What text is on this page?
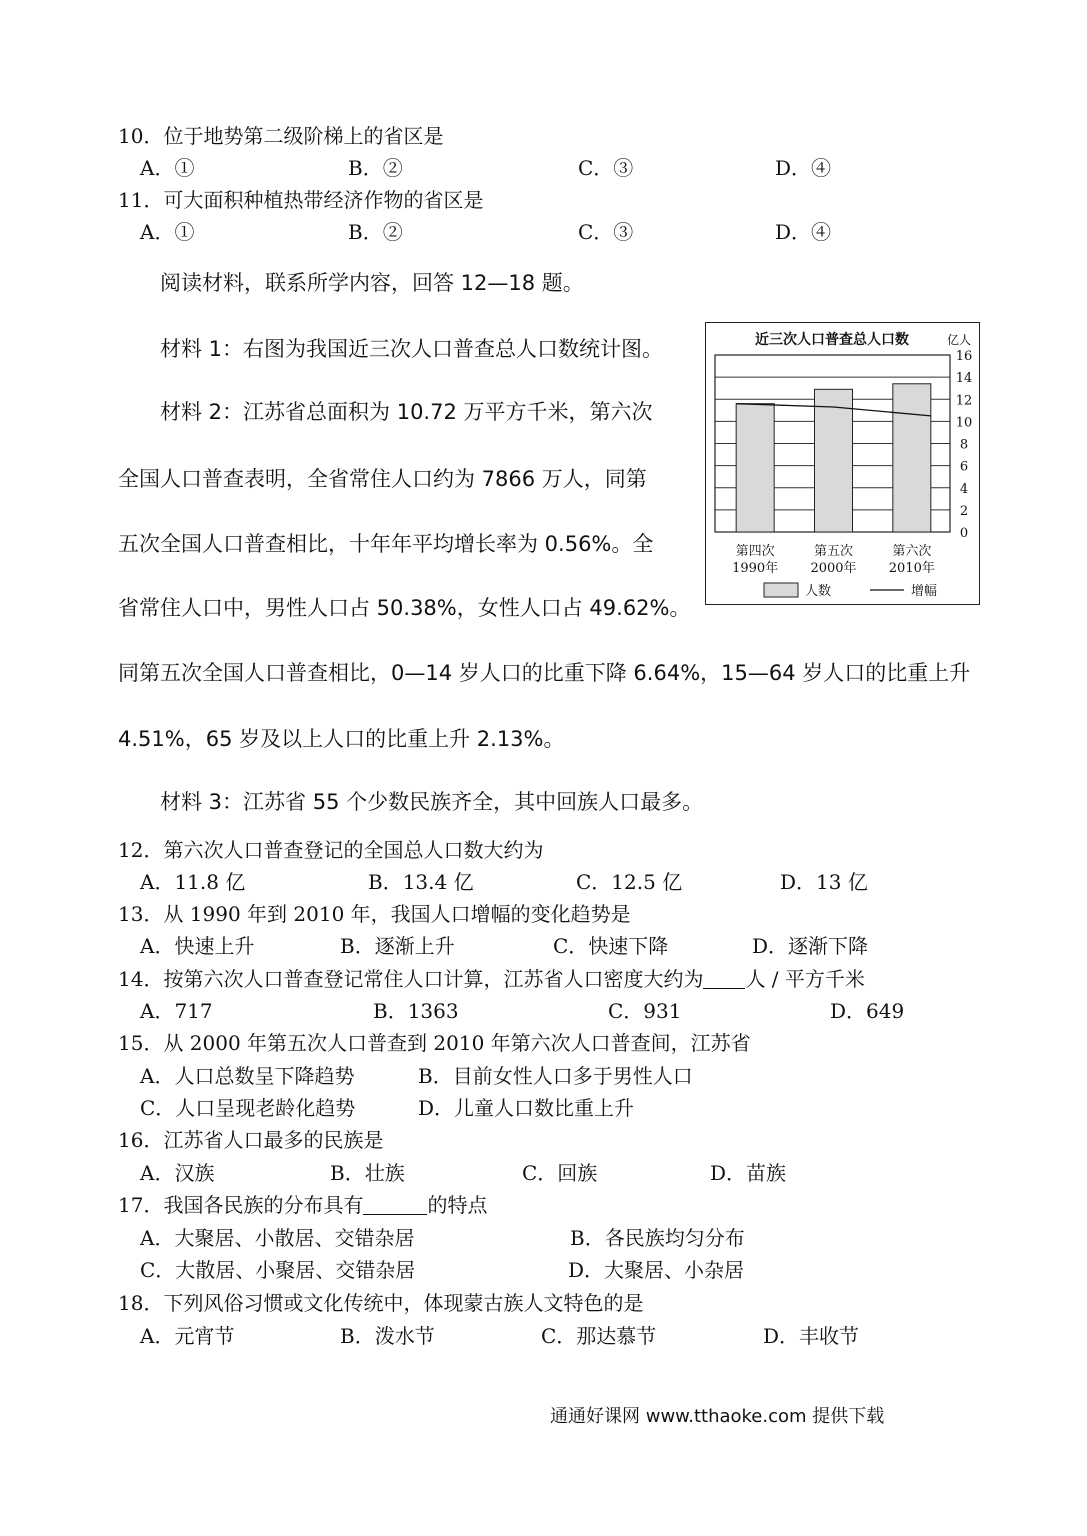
10．位于地势第二级阶梯上的省区是
A．①	B．②	C．③	D．④
11．可大面积种植热带经济作物的省区是
A．①	B．②	C．③	D．④
阅读材料，联系所学内容，回答 12—18 题。
材料 1：右图为我国近三次人口普查总人口数统计图。
材料 2：江苏省总面积为 10.72 万平方千米，第六次
全国人口普查表明，全省常住人口约为 7866 万人，同第
五次全国人口普查相比，十年年平均增长率为 0.56%。全
省常住人口中，男性人口占 50.38%，女性人口占 49.62%。
同第五次全国人口普查相比，0—14 岁人口的比重下降 6.64%，15—64 岁人口的比重上升
4.51%，65 岁及以上人口的比重上升 2.13%。
材料 3：江苏省 55 个少数民族齐全，其中回族人口最多。
近三次人口普查总人口数	亿人
0
2
4
6
8
10
12
14
16
第四次
1990年
第五次
2000年
第六次
2010年
人数	增幅
12．第六次人口普查登记的全国总人口数大约为
A．11.8 亿	B．13.4 亿	C．12.5 亿	D．13 亿
13．从 1990 年到 2010 年，我国人口增幅的变化趋势是
A．快速上升	B．逐渐上升	C．快速下降	D．逐渐下降
14．按第六次人口普查登记常住人口计算，江苏省人口密度大约为 人 / 平方千米
A．717	B．1363	C．931	D．649
15．从 2000 年第五次人口普查到 2010 年第六次人口普查间，江苏省
A．人口总数呈下降趋势	B．目前女性人口多于男性人口
C．人口呈现老龄化趋势	D．儿童人口数比重上升
16．江苏省人口最多的民族是
A．汉族	B．壮族	C．回族	D．苗族
17．我国各民族的分布具有	的特点
A．大聚居、小散居、交错杂居	B．各民族均匀分布
C．大散居、小聚居、交错杂居	D．大聚居、小杂居
18．下列风俗习惯或文化传统中，体现蒙古族人文特色的是
A．元宵节	B．泼水节	C．那达慕节	D．丰收节
通通好课网 www.tthaoke.com 提供下载
